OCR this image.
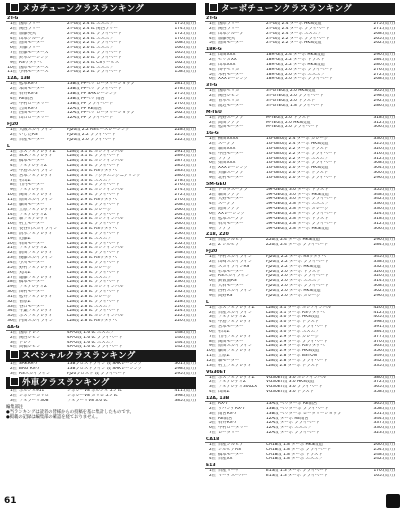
メカチューンクラスランキング
2T-G
1位 国際ラリー	2T-G改 2.4 tc エスエフ	175.(馬力)
2位 関西ラリー	2T-G改 2.4 tc 関西ラリー	174.(馬力)
3位 加藤英夫	2T-G改 2.4 tc プライベート	172.(馬力)
4位 山本グループ	2T-G改 2.4 tc エスエフ	170.(馬力)
5位 島田モーター	2T-G改 2.2 tc プライベート	168.(馬力)
6位 斉藤ラリー	2T-G改 2.0 tc エスエフ	166.(馬力)
7位 佐藤モーターズ	2T-G改 2.4 tc プライベート	165.(馬力)
8位 鈴木レーシング	2T-G改 2.0 tc プライベート	163.(馬力)
9位 RSワタナベ	2T-G改 2.4 tc CSサービス	162.(馬力)
10位 国際モータース	2T-G改 2.0 tc エスエフ	160.(馬力)
11位 小林モータース	2T-G改 2.2 tc プライベート	158.(馬力)
12A, 13B
1位 松本RX-7	13B改 PPペリ ロータリーショップ	281.(馬力)
2位 本田モーター	13B改 PPペリ プライベート	278.(馬力)
3位 石井RX-3	13B改 PP SAKレーシング	275.(馬力)
4位 RE雨宮	13B改 PPペリ 雨宮	272.(馬力)
5位 中村ロータリー	13B改 PP プライベート	270.(馬力)
6位 吉田RX-7	12A改 PP RE雨宮	266.(馬力)
7位 西田モーター	12A改 PPペリ ロータリーショップ	262.(馬力)
8位 山口ロータリー	12A改 PP プライベート	258.(馬力)
FJ20
1位 大阪スカイライン	FJ20改 2.2 RSピースレーシング	228.(馬力)
2位 いしだRS	FJ20改 2.2 プライベート	225.(馬力)
3位 日産モーター	FJ20改 2.0 プライベート	222.(馬力)
L
1位 ボスフェアレディZ	L28改 3.1 tc ホシノインパル	291.(馬力)
2位 SCRフェアレディ	L28改 3.1 tc プライベート	289.(馬力)
3位 橋本モーター	L28改 3.0 tc ホシノインパル	287.(馬力)
4位 フェアレディZ	L28改 3.0 tc プライベート	285.(馬力)
5位 中島スカイライン	L28改 3.0 tc RSワタナベ	283.(馬力)
6位 宮本フェアレディ	L28改 3.0 tc フジタエンジニアリング	280.(馬力)
7位 杉山Z	L28改 3.0 tc エスエフ	278.(馬力)
8位 竹内モーター	L28改 3.0 tc プライベート	276.(馬力)
9位 フェアレディ	L28改 2.9 tc ホシノインパル	274.(馬力)
10位 岡田フェアレディ	L28改 2.9 tc プライベート	272.(馬力)
11位 原田スカイライン	L28改 2.9 tc RSワタナベ	270.(馬力)
12位 藤田モーター	L28改 2.9 tc プライベート	268.(馬力)
13位 上原フェアレディ	L28改 2.8 tc ガレージ	266.(馬力)
14位 フェアレディZ	L28改 2.8 tc プライベート	264.(馬力)
15位 森フェアレディ	L28改 2.8 tc ホシノインパル	262.(馬力)
16位 村上モーター	L28改 2.8 tc プライベート	260.(馬力)
17位 長谷川スカイライン	L28改 2.8 tc RSワタナベ	258.(馬力)
18位 清水フェアレディ	L28改 2.8 tc プライベート	256.(馬力)
19位 近藤Z	L28改 2.8 tc エスエフ	254.(馬力)
20位 石田モーター	L28改 2.8 tc プライベート	252.(馬力)
21位 フェアレディZ	L28改 2.8 tc ホシノインパル	250.(馬力)
22位 前田フェアレディ	L28改 2.8 tc プライベート	248.(馬力)
23位 後藤スカイライン	L28改 2.8 tc RSワタナベ	246.(馬力)
24位 小川モーター	L28改 2.8 tc プライベート	244.(馬力)
25位 野村フェアレディ	L28改 2.8 tc ガレージ	242.(馬力)
26位 丸山Z	L28改 2.8 tc プライベート	240.(馬力)
27位 遠藤フェアレディ	L28改 2.8 tc エスエフ	238.(馬力)
28位 橋本モーター	L28改 2.8 tc プライベート	236.(馬力)
29位 フェアレディZ	L28改 2.8 tc ホシノインパル	234.(馬力)
30位 田村モーター	L28改 2.8 tc プライベート	232.(馬力)
31位 松井フェアレディ	L28改 2.8 tc ガレージ	230.(馬力)
32位 菅原Z	L28改 2.8 tc プライベート	228.(馬力)
33位 谷口モーター	L28改 2.8 tc エスエフ	226.(馬力)
34位 千葉フェアレディ	L28改 2.8 tc プライベート	224.(馬力)
35位 ボスフェアレディ	L28改 2.8 tc ホシノインパル	222.(馬力)
36位 内田スカイライン	L28改 2.8 tc RSワタナベ	220.(馬力)
4A-G
1位 国際トレノ	4A-G改 1.6 tc エスエフ	148.(馬力)
2位 関西レビン	4A-G改 1.6 tc プライベート	146.(馬力)
3位 トレノ	4A-G改 1.6 tc エスエフ	144.(馬力)
4位 高橋レビン	4A-G改 1.6 tc プライベート	142.(馬力)
スペシャルクラスランキング
1位 SAKRR-7	13Bプロストライン 改 SAKレーシング	301.(馬力)
2位 BRG RX-7	13Bプロストライン 改 SAKレーシング	298.(馬力)
3位 RSスカイライン	FJ20プロスト 改 プライベート	295.(馬力)
外車クラスランキング
1位 ポルシェ911	シボレーV8 ポルシェ 5.7 tc	411.(馬力)
2位 シボレーカマロ	シボレーV8 カマロ 5.7 tc	398.(馬力)
3位 フェラーリ308	フェラーリV8 3.0 tc	385.(馬力)
編集部注
●当ランキングは読者の皆様からの投稿を基に集計したものです。
●掲載の記録は編集部の確認を経ておりません。
ターボチューンクラスランキング
2T-G
1位 国際ラリー	2T-G改 2.4 ターボ HKS改造	275.(馬力)
2位 関西ラリー	2T-G改 2.4 ターボ プライベート	271.(馬力)
3位 山本グループ	2T-G改 2.4 ターボ エスエフ	268.(馬力)
4位 加藤英夫	2T-G改 2.2 ターボ プライベート	265.(馬力)
5位 島田モーター	2T-G改 2.2 ターボ HKS改造	262.(馬力)
18R-G
1位 山田XXX	18R-G改 2.4 ターボ HKS改造	290.(馬力)
2位 セリカXX	18R-G改 2.2 ターボ トラスト	284.(馬力)
3位 山本XXX	18R-G改 2.2 ターボ HKS改造	280.(馬力)
4位 田中セリカ	18R-G改 2.0 ターボ プライベート	276.(馬力)
5位 木村モーター	18R-G改 2.0 ターボ エスエフ	272.(馬力)
6位 XXXレーシング	18R-G改 2.0 ターボ プライベート	268.(馬力)
3T-G
1位 国際セリカ	3T-GTEU改 2.0 HKS改造	305.(馬力)
2位 関西レビン	3T-GTEU改 2.0 プライベート	298.(馬力)
3位 青木セリカ	3T-GTEU改 2.0 トラスト	292.(馬力)
4位 渡辺モーター	3T-GTEU改 1.8 プライベート	286.(馬力)
M-TEU
1位 河野スープラ	M-TEU改 2.0 トラスト	318.(馬力)
2位 高田ソアラ	M-TEU改 2.0 HKS改造	312.(馬力)
3位 松田モーター	M-TEU改 2.0 プライベート	306.(馬力)
1G-G
1位 柳田XXXX	1G-GEU改 2.4 ターボ ガレージ	330.(馬力)
2位 スープラ	1G-GEU改 2.4 ターボ HKS改造	325.(馬力)
3位 森田XXX	1G-GEU改 2.2 ターボ トラスト	320.(馬力)
4位 中西モーター	1G-GEU改 2.2 ターボ プライベート	316.(馬力)
5位 ソアラ	1G-GEU改 2.2 ターボ エスエフ	312.(馬力)
6位 柴田XXX	1G-GEU改 2.0 ターボ プライベート	308.(馬力)
7位 XXXレーシング	1G-GEU改 2.0 ターボ HKS改造	304.(馬力)
8位 斉藤スープラ	1G-GEU改 2.0 ターボ トラスト	300.(馬力)
9位 北村モーター	1G-GEU改 2.0 ターボ プライベート	296.(馬力)
5M-GEU
1位 トヨタスープラ	5M-GEU改 3.0 ターボ トラスト	355.(馬力)
2位 森田ソアラ	5M-GEU改 3.0 ターボ HKS改造	348.(馬力)
3位 大野モーター	5M-GEU改 3.0 ターボ プライベート	342.(馬力)
4位 スープラ	5M-GEU改 2.8 ターボ エスエフ	336.(馬力)
5位 池田ソアラ	5M-GEU改 2.8 ターボ ガレージ	330.(馬力)
6位 XXレーシング	5M-GEU改 2.8 ターボ プライベート	324.(馬力)
7位 松本スープラ	5M-GEU改 2.8 ターボ トラスト	318.(馬力)
8位 石川モーター	5M-GEU改 2.8 ターボ プライベート	312.(馬力)
9位 ソアラ	5M-GEU改 2.8 ターボ HKS改造	306.(馬力)
Z18, Z20
1位 日産シルビア	Z20改 2.4 ターボ HKS改造	290.(馬力)
2位 Z シルビア	Z20改 2.4 ターボ プライベート	284.(馬力)
FJ20
1位 中村スカイライン	FJ20改 2.2 ターボ RSワタナベ	345.(馬力)
2位 山崎スカイライン	FJ20改 2.2 ターボ プライベート	338.(馬力)
3位 スカイラインRS	FJ20改 2.2 ターボ HKS改造	332.(馬力)
4位 杉本モーター	FJ20改 2.0 ターボ トラスト	326.(馬力)
5位 RSスカイライン	FJ20改 2.0 ターボ プライベート	320.(馬力)
6位 鉄仮面RS	FJ20改 2.0 ターボ エスエフ	314.(馬力)
7位 大石モーター	FJ20改 2.0 ターボ プライベート	308.(馬力)
8位 西村スカイライン	FJ20改 2.0 ターボ HKS改造	302.(馬力)
9位 高野RS	FJ20改 2.0 ターボ ガレージ	296.(馬力)
L
1位 ボスフェアレディZ	L28改 3.1 ターボ ホシノインパル	420.(馬力)
2位 日産スカイライン	L28改 3.1 ターボ RSワタナベ	412.(馬力)
3位 フェアレディZ	L28改 3.0 ターボ HKS改造	405.(馬力)
4位 中島フェアレディ	L28改 3.0 ターボ トラスト	398.(馬力)
5位 宮本モーター	L28改 3.0 ターボ プライベート	391.(馬力)
6位 杉山Z	L28改 3.0 ターボ エスエフ	384.(馬力)
7位 竹内フェアレディ	L28改 2.9 ターボ ガレージ	377.(馬力)
8位 岡田モーター	L28改 2.9 ターボ プライベート	370.(馬力)
9位 原田スカイライン	L28改 2.9 ターボ RSワタナベ	363.(馬力)
10位 藤田フェアレディ	L28改 2.9 ターボ HKS改造	356.(馬力)
11位 上原Z	L28改 2.8 ターボ BSTON	349.(馬力)
12位 森モーター	L28改 2.8 ターボ プライベート	342.(馬力)
13位 村上フェアレディ	L28改 2.8 ターボ トラスト	335.(馬力)
VG30ET
1位 ボスフェアレディZ	VG30ET改 3.0 ホシノインパル	380.(馬力)
2位 フェアレディZ	VG30ET改 3.0 HKS改造	372.(馬力)
3位 フェアレディ300ZX	VG30ET改 3.0 プライベート	365.(馬力)
4位 山田Z	VG30ET改 3.0 トラスト	358.(馬力)
12A, 13B
1位 RX-7	13A改 ペリターボ RE雨宮	365.(馬力)
2位 サバンナRX-7	13B改 ペリターボ プライベート	358.(馬力)
3位 雨宮RX-7	13B改 ペリターボ ロータリーショップ	351.(馬力)
4位 RE雨宮	12A改 ターボ RE雨宮	344.(馬力)
5位 石井RX-7	12A改 ターボ プライベート	337.(馬力)
6位 中村ロータリー	12A改 ターボ エスエフ	330.(馬力)
7位 ロータリー	12A改 ターボ プライベート	323.(馬力)
CA18
1位 日産シルビア	CA18改 1.8 ターボ HKS改造	260.(馬力)
2位 シルビアRS	CA18改 1.8 ターボ プライベート	254.(馬力)
3位 橋本モーター	CA18改 1.8 ターボ トラスト	248.(馬力)
4位 日産XX	CA18改 1.8 ターボ エスエフ	242.(馬力)
E13
1位 日産マーチ	E13改 1.3 ターボ プライベート	170.(馬力)
2位 マーチスーパー	E13改 1.3 ターボ プライベート	165.(馬力)
61
